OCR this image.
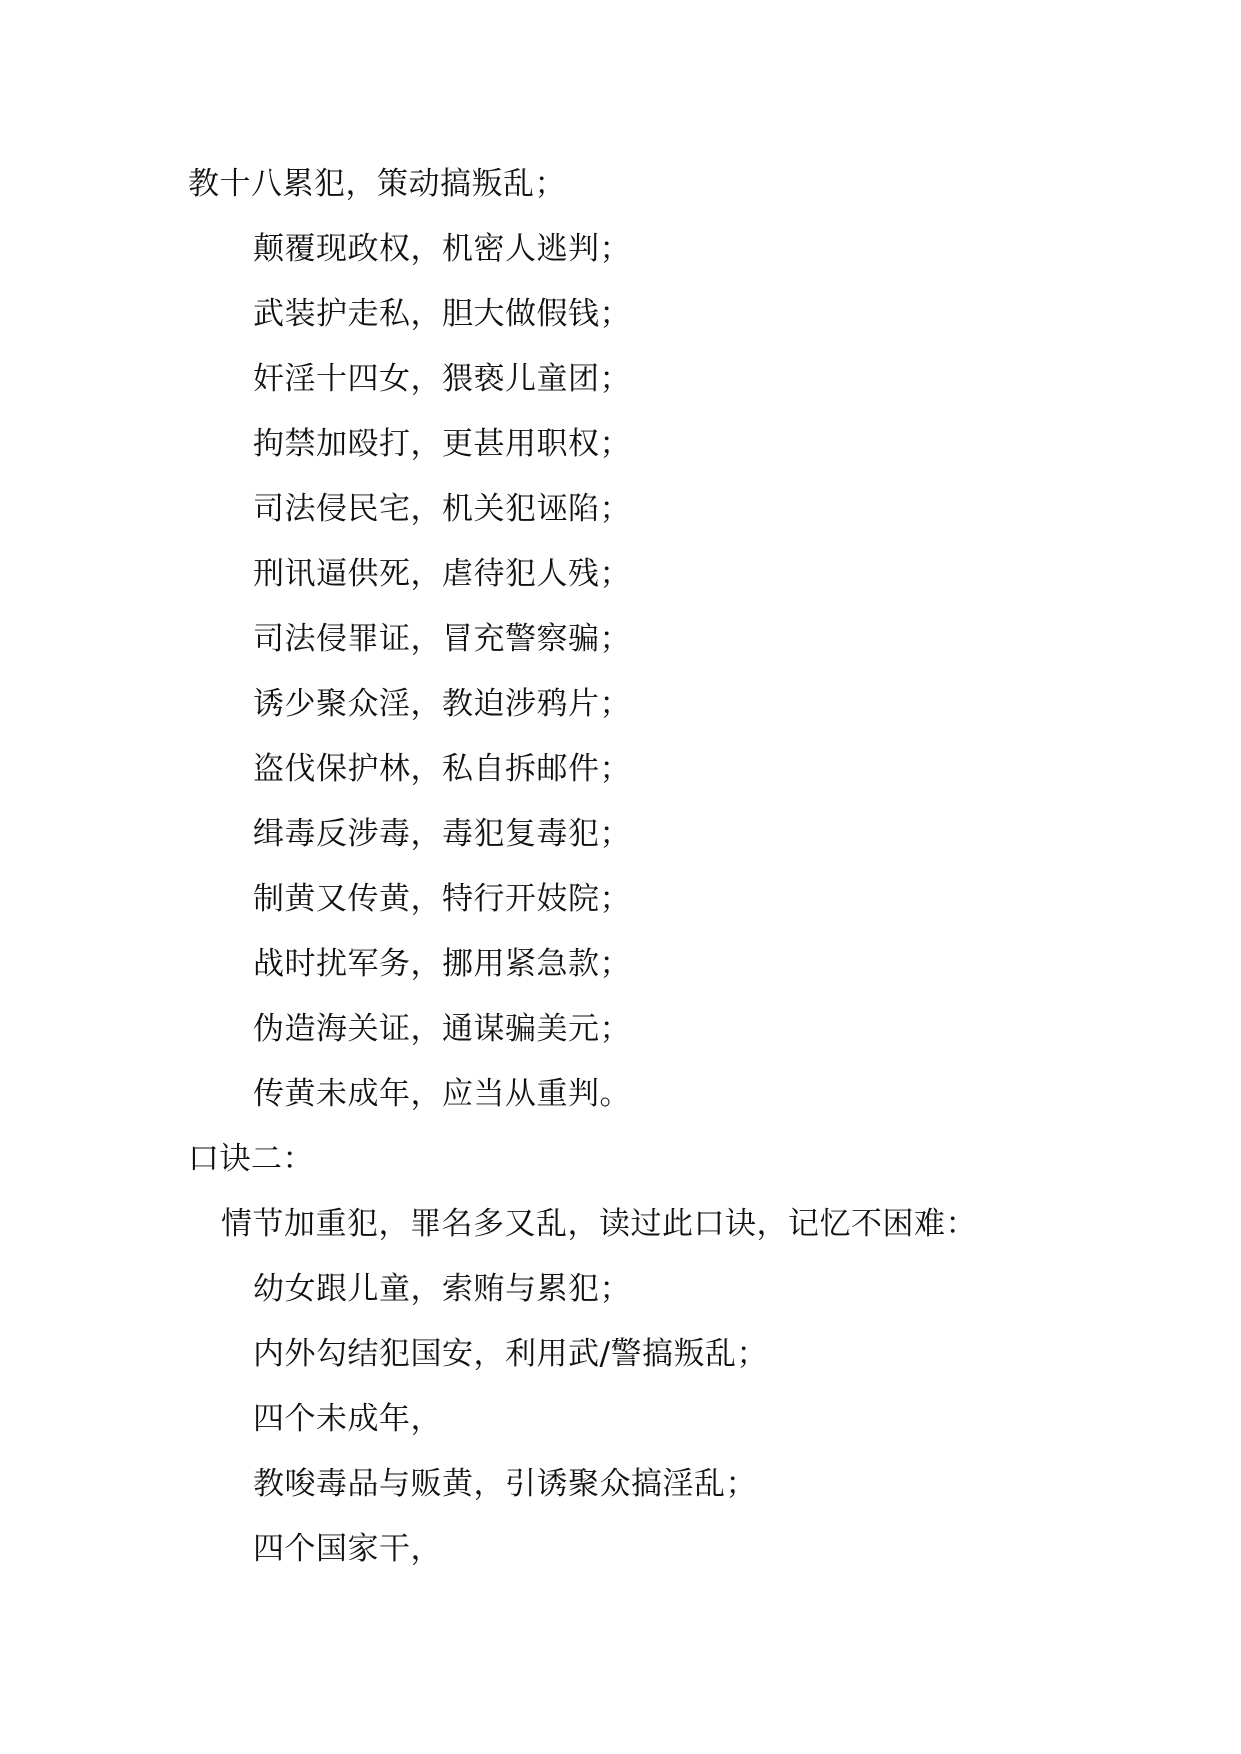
教十八累犯，策动搞叛乱；
颠覆现政权，机密人逃判；
武装护走私，胆大做假钱；
奸淫十四女，猥亵儿童团；
拘禁加殴打，更甚用职权；
司法侵民宅，机关犯诬陷；
刑讯逼供死，虐待犯人残；
司法侵罪证，冒充警察骗；
诱少聚众淫，教迫涉鸦片；
盗伐保护林，私自拆邮件；
缉毒反涉毒，毒犯复毒犯；
制黄又传黄，特行开妓院；
战时扰军务，挪用紧急款；
伪造海关证，通谋骗美元；
传黄未成年，应当从重判。
口诀二：
情节加重犯，罪名多又乱，读过此口诀，记忆不困难：
幼女跟儿童，索贿与累犯；
内外勾结犯国安，利用武/警搞叛乱；
四个未成年，
教唆毒品与贩黄，引诱聚众搞淫乱；
四个国家干，
